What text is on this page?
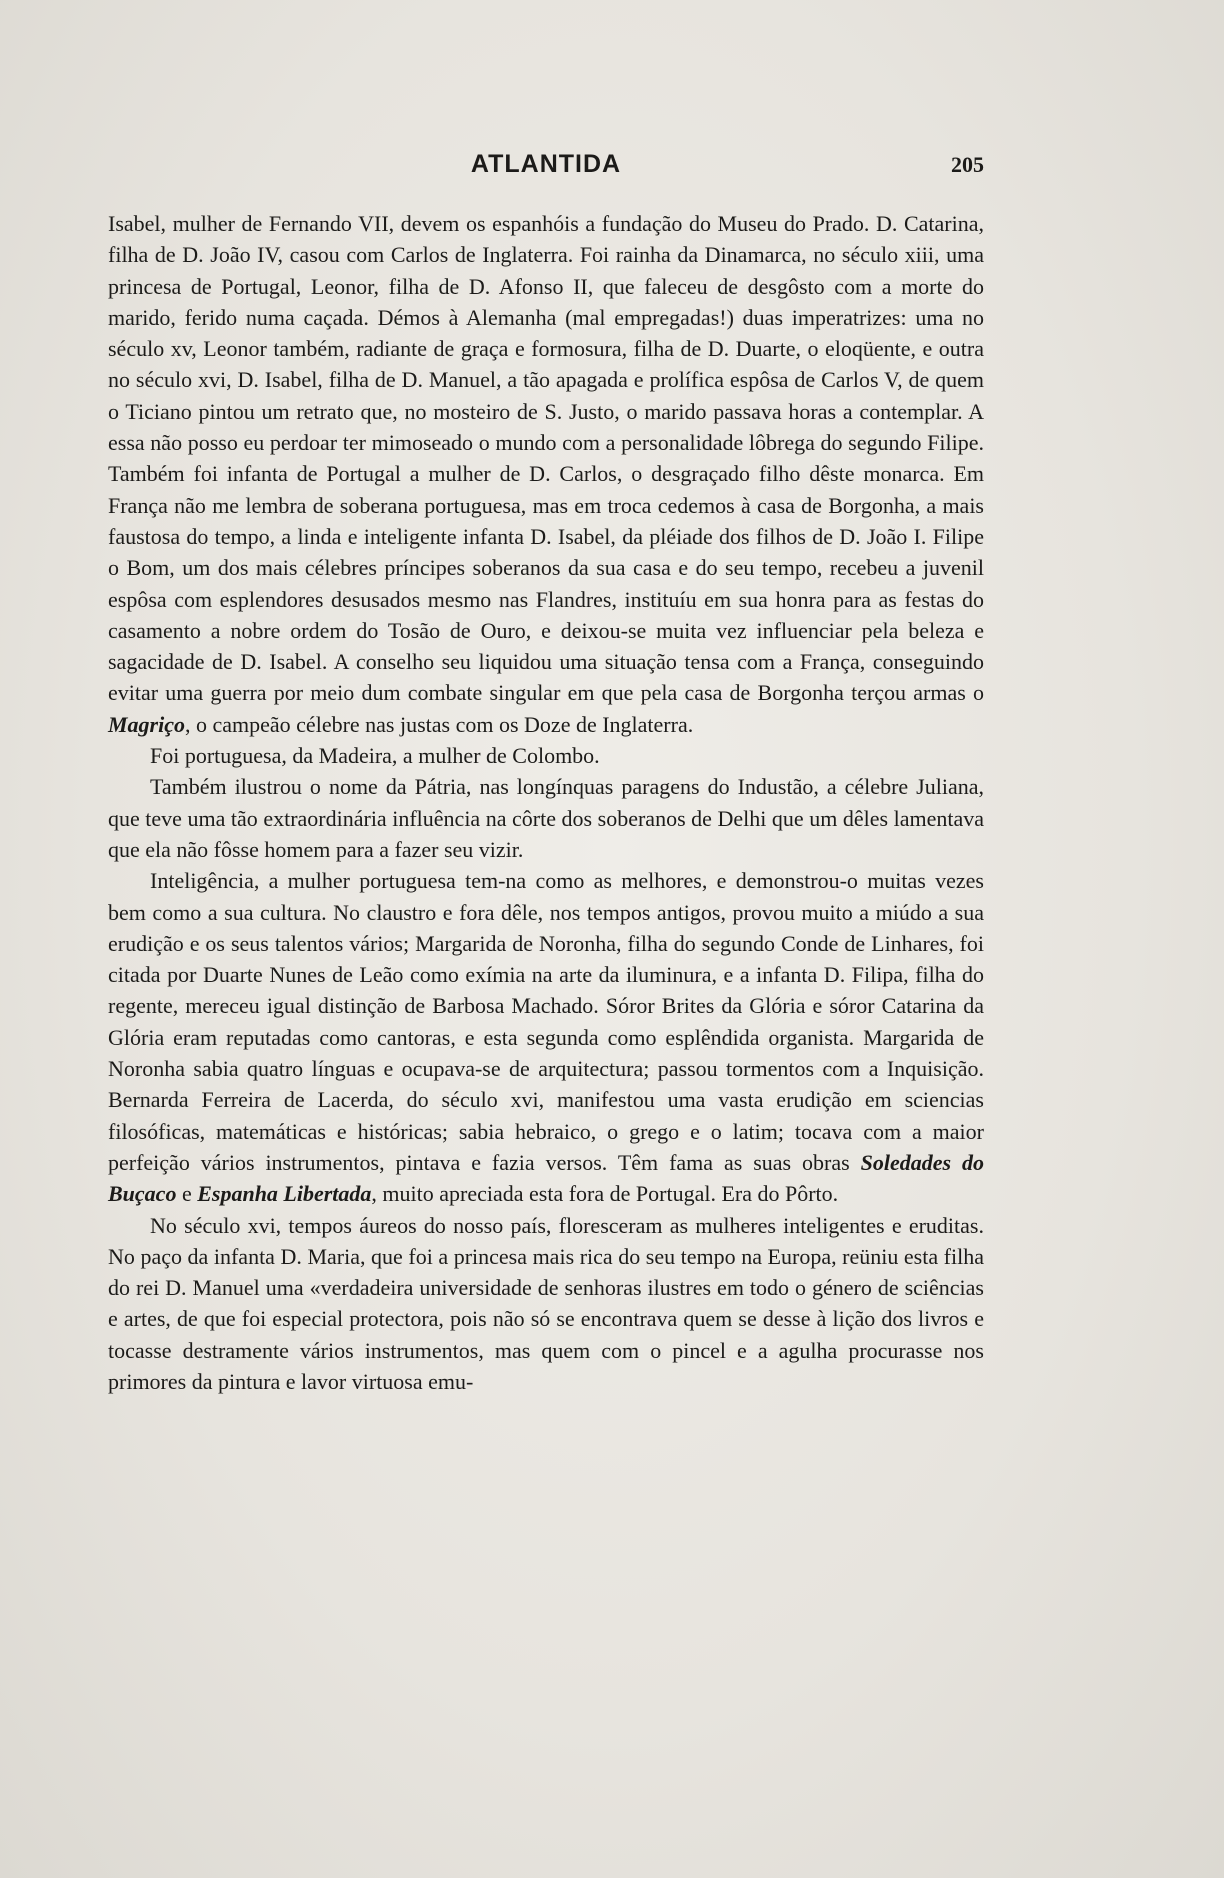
ATLANTIDA	205

Isabel, mulher de Fernando VII, devem os espanhóis a fundação do Museu do Prado. D. Catarina, filha de D. João IV, casou com Carlos de Inglaterra. Foi rainha da Dinamarca, no século xiii, uma princesa de Portugal, Leonor, filha de D. Afonso II, que faleceu de desgôsto com a morte do marido, ferido numa caçada. Démos à Alemanha (mal empregadas!) duas imperatrizes: uma no século xv, Leonor também, radiante de graça e formosura, filha de D. Duarte, o eloqüente, e outra no século xvi, D. Isabel, filha de D. Manuel, a tão apagada e prolífica espôsa de Carlos V, de quem o Ticiano pintou um retrato que, no mosteiro de S. Justo, o marido passava horas a contemplar. A essa não posso eu perdoar ter mimoseado o mundo com a personalidade lôbrega do segundo Filipe. Também foi infanta de Portugal a mulher de D. Carlos, o desgraçado filho dêste monarca. Em França não me lembra de soberana portuguesa, mas em troca cedemos à casa de Borgonha, a mais faustosa do tempo, a linda e inteligente infanta D. Isabel, da pléiade dos filhos de D. João I. Filipe o Bom, um dos mais célebres príncipes soberanos da sua casa e do seu tempo, recebeu a juvenil espôsa com esplendores desusados mesmo nas Flandres, instituíu em sua honra para as festas do casamento a nobre ordem do Tosão de Ouro, e deixou-se muita vez influenciar pela beleza e sagacidade de D. Isabel. A conselho seu liquidou uma situação tensa com a França, conseguindo evitar uma guerra por meio dum combate singular em que pela casa de Borgonha terçou armas o Magriço, o campeão célebre nas justas com os Doze de Inglaterra.

Foi portuguesa, da Madeira, a mulher de Colombo.

Também ilustrou o nome da Pátria, nas longínquas paragens do Industão, a célebre Juliana, que teve uma tão extraordinária influência na côrte dos soberanos de Delhi que um dêles lamentava que ela não fôsse homem para a fazer seu vizir.

Inteligência, a mulher portuguesa tem-na como as melhores, e demonstrou-o muitas vezes bem como a sua cultura. No claustro e fora dêle, nos tempos antigos, provou muito a miúdo a sua erudição e os seus talentos vários; Margarida de Noronha, filha do segundo Conde de Linhares, foi citada por Duarte Nunes de Leão como exímia na arte da iluminura, e a infanta D. Filipa, filha do regente, mereceu igual distinção de Barbosa Machado. Sóror Brites da Glória e sóror Catarina da Glória eram reputadas como cantoras, e esta segunda como esplêndida organista. Margarida de Noronha sabia quatro línguas e ocupava-se de arquitectura; passou tormentos com a Inquisição. Bernarda Ferreira de Lacerda, do século xvi, manifestou uma vasta erudição em sciencias filosóficas, matemáticas e históricas; sabia hebraico, o grego e o latim; tocava com a maior perfeição vários instrumentos, pintava e fazia versos. Têm fama as suas obras Soledades do Buçaco e Espanha Libertada, muito apreciada esta fora de Portugal. Era do Pôrto.

No século xvi, tempos áureos do nosso país, floresceram as mulheres inteligentes e eruditas. No paço da infanta D. Maria, que foi a princesa mais rica do seu tempo na Europa, reüniu esta filha do rei D. Manuel uma «verdadeira universidade de senhoras ilustres em todo o género de sciências e artes, de que foi especial protectora, pois não só se encontrava quem se desse à lição dos livros e tocasse destramente vários instrumentos, mas quem com o pincel e a agulha procurasse nos primores da pintura e lavor virtuosa emu-
